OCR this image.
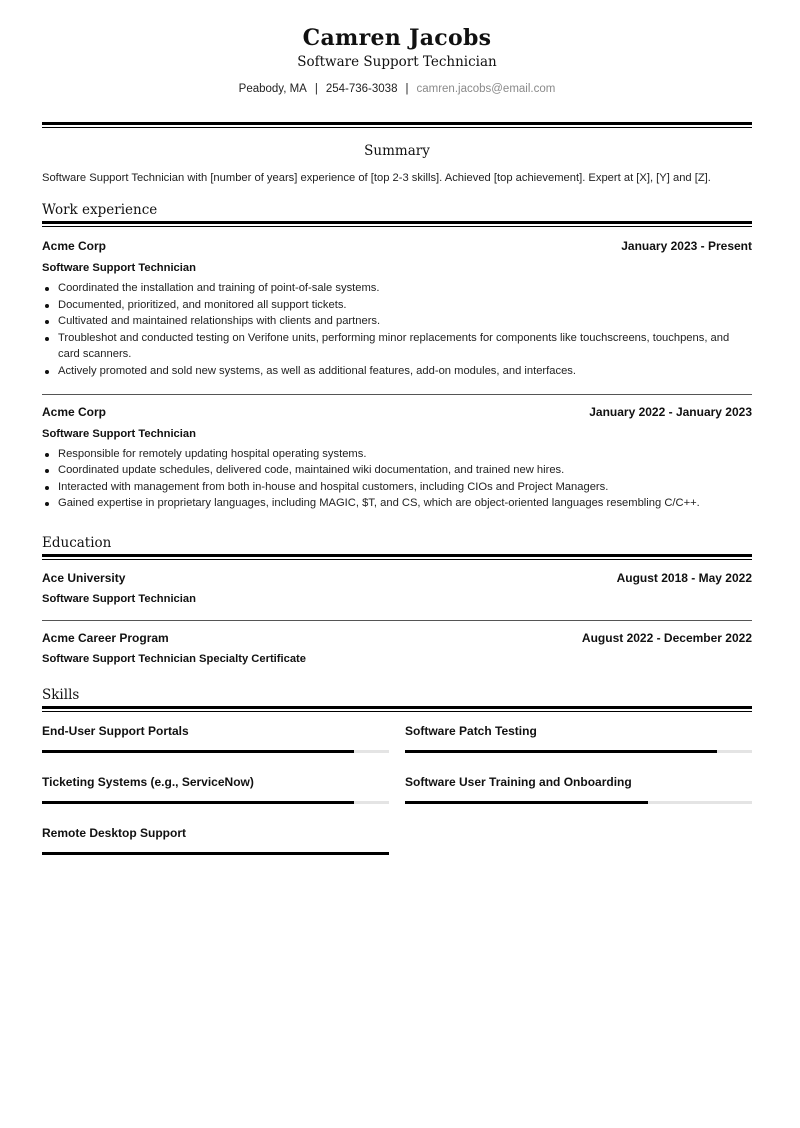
Camren Jacobs
Software Support Technician
Peabody, MA | 254-736-3038 | camren.jacobs@email.com
Summary
Software Support Technician with [number of years] experience of [top 2-3 skills]. Achieved [top achievement]. Expert at [X], [Y] and [Z].
Work experience
Acme Corp	January 2023 - Present
Software Support Technician
Coordinated the installation and training of point-of-sale systems.
Documented, prioritized, and monitored all support tickets.
Cultivated and maintained relationships with clients and partners.
Troubleshot and conducted testing on Verifone units, performing minor replacements for components like touchscreens, touchpens, and card scanners.
Actively promoted and sold new systems, as well as additional features, add-on modules, and interfaces.
Acme Corp	January 2022 - January 2023
Software Support Technician
Responsible for remotely updating hospital operating systems.
Coordinated update schedules, delivered code, maintained wiki documentation, and trained new hires.
Interacted with management from both in-house and hospital customers, including CIOs and Project Managers.
Gained expertise in proprietary languages, including MAGIC, $T, and CS, which are object-oriented languages resembling C/C++.
Education
Ace University	August 2018 - May 2022
Software Support Technician
Acme Career Program	August 2022 - December 2022
Software Support Technician Specialty Certificate
Skills
End-User Support Portals	Software Patch Testing
Ticketing Systems (e.g., ServiceNow)	Software User Training and Onboarding
Remote Desktop Support
